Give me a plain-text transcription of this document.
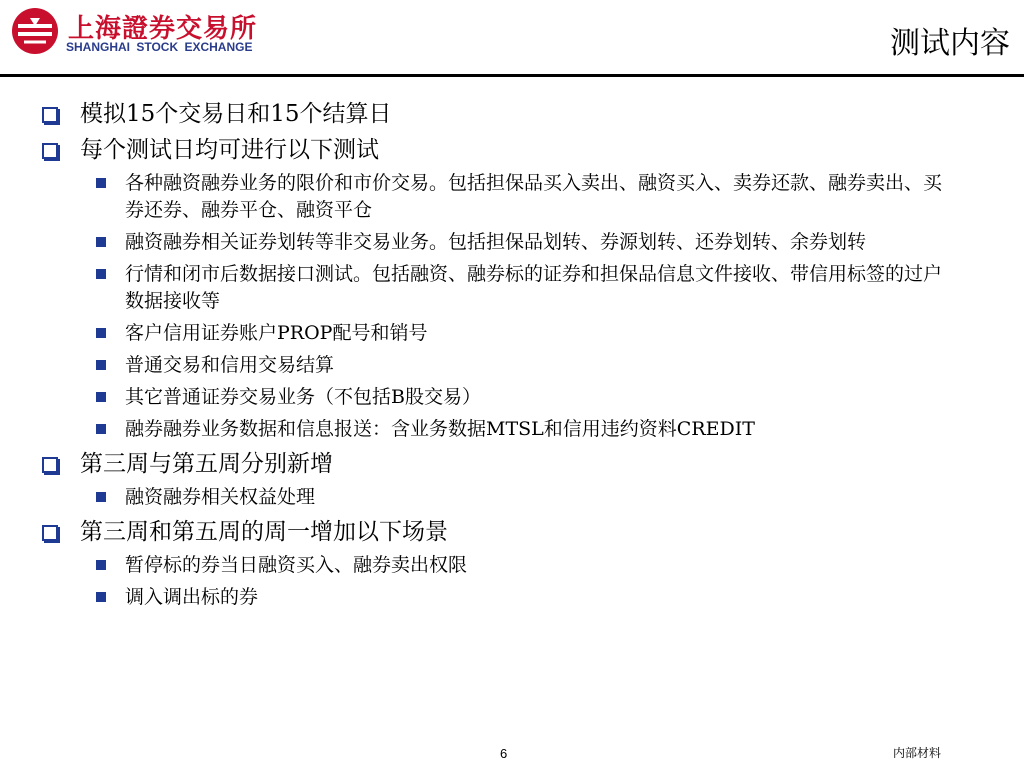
上海證券交易所
SHANGHAI STOCK EXCHANGE	测试内容
模拟15个交易日和15个结算日
每个测试日均可进行以下测试
各种融资融券业务的限价和市价交易。包括担保品买入卖出、融资买入、卖券还款、融券卖出、买券还券、融券平仓、融资平仓
融资融券相关证券划转等非交易业务。包括担保品划转、券源划转、还券划转、余券划转
行情和闭市后数据接口测试。包括融资、融券标的证券和担保品信息文件接收、带信用标签的过户数据接收等
客户信用证券账户PROP配号和销号
普通交易和信用交易结算
其它普通证券交易业务（不包括B股交易）
融券融券业务数据和信息报送：含业务数据MTSL和信用违约资料CREDIT
第三周与第五周分别新增
融资融券相关权益处理
第三周和第五周的周一增加以下场景
暂停标的券当日融资买入、融券卖出权限
调入调出标的券
6	内部材料
